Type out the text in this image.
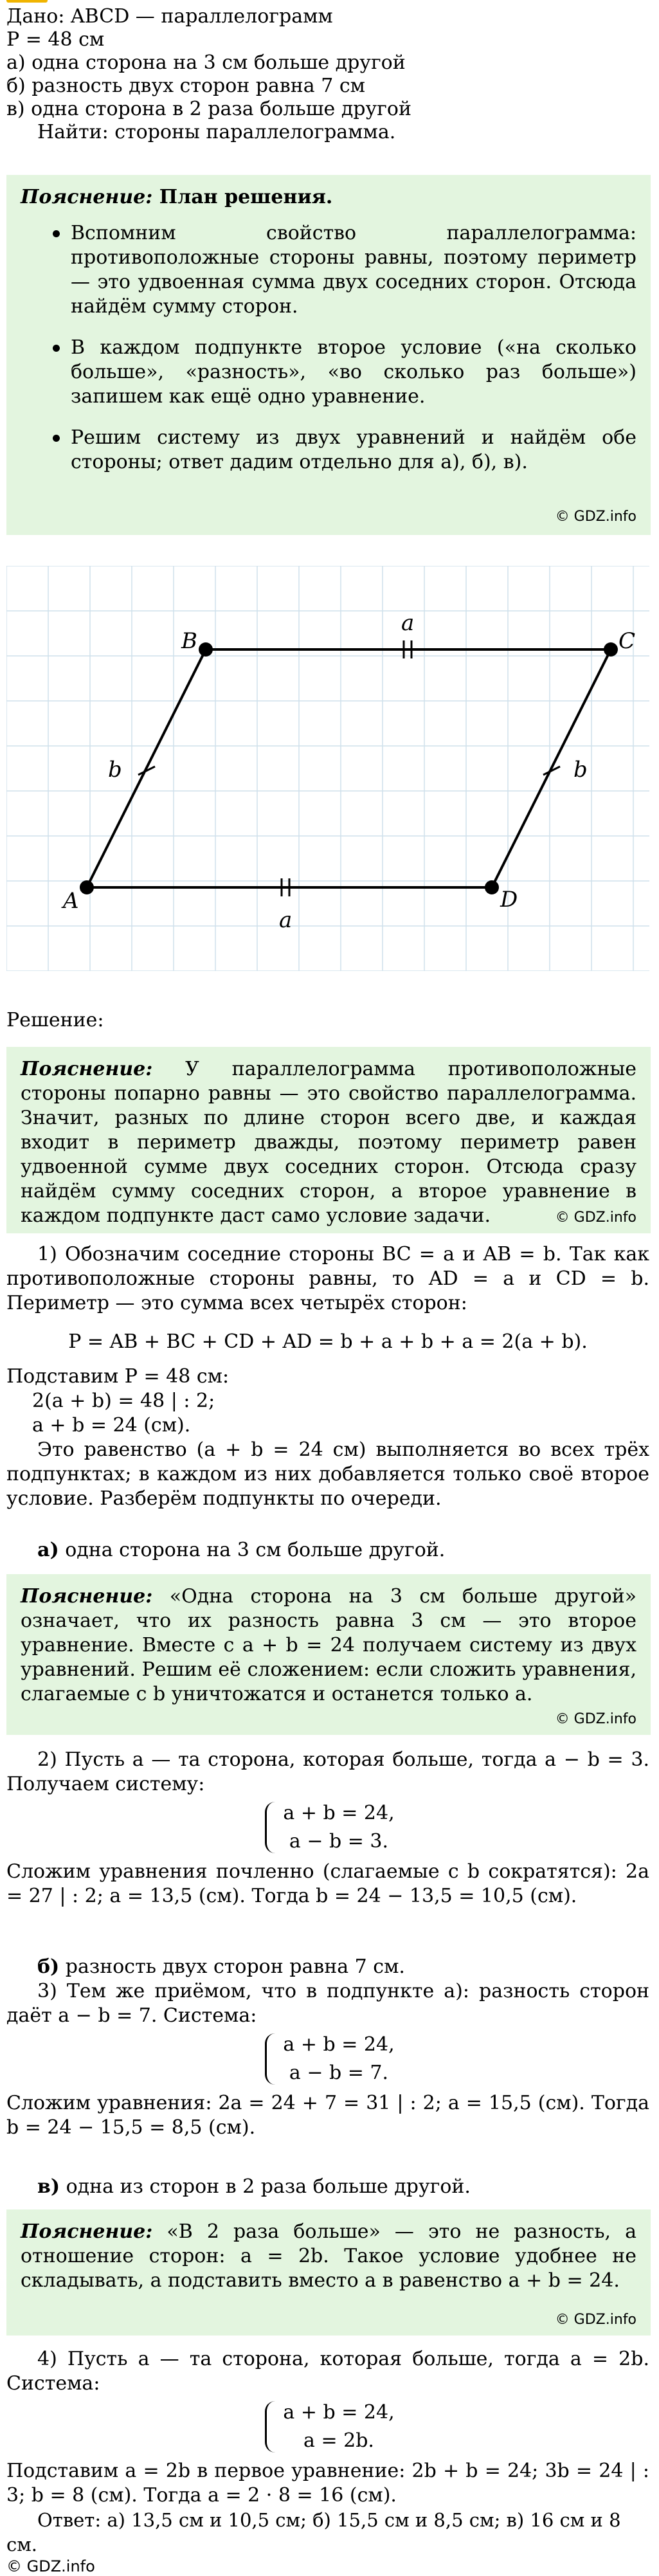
Дано: ABCD — параллелограмм
P = 48 см
а) одна сторона на 3 см больше другой
б) разность двух сторон равна 7 см
в) одна сторона в 2 раза больше другой
Найти: стороны параллелограмма.
Пояснение: План решения.
Вспомним свойство параллелограмма: противоположные стороны равны, поэтому периметр — это удвоенная сумма двух соседних сторон. Отсюда найдём сумму сторон.
В каждом подпункте второе условие («на сколько больше», «разность», «во сколько раз больше») запишем как ещё одно уравнение.
Решим систему из двух уравнений и найдём обе стороны; ответ дадим отдельно для а), б), в).
© GDZ.info
A
B	C
D
a
a
b	b
Решение:
Пояснение: У параллелограмма противоположные стороны попарно равны — это свойство параллелограмма. Значит, разных по длине сторон всего две, и каждая входит в периметр дважды, поэтому периметр равен удвоенной сумме двух соседних сторон. Отсюда сразу найдём сумму соседних сторон, а второе уравнение в каждом подпункте даст само условие задачи.	© GDZ.info
1) Обозначим соседние стороны BC = a и AB = b. Так как противоположные стороны равны, то AD = a и CD = b. Периметр — это сумма всех четырёх сторон:
P = AB + BC + CD + AD = b + a + b + a = 2(a + b).
Подставим P = 48 см:
2(a + b) = 48 | : 2;
a + b = 24 (см).
Это равенство (a + b = 24 см) выполняется во всех трёх подпунктах; в каждом из них добавляется только своё второе условие. Разберём подпункты по очереди.
а) одна сторона на 3 см больше другой.
Пояснение: «Одна сторона на 3 см больше другой» означает, что их разность равна 3 см — это второе уравнение. Вместе с a + b = 24 получаем систему из двух уравнений. Решим её сложением: если сложить уравнения, слагаемые с b уничтожатся и останется только a.
© GDZ.info
2) Пусть a — та сторона, которая больше, тогда a − b = 3. Получаем систему:
a + b = 24,
a − b = 3.
Сложим уравнения почленно (слагаемые с b сократятся): 2a = 27 | : 2; a = 13,5 (см). Тогда b = 24 − 13,5 = 10,5 (см).
б) разность двух сторон равна 7 см.
3) Тем же приёмом, что в подпункте а): разность сторон даёт a − b = 7. Система:
a + b = 24,
a − b = 7.
Сложим уравнения: 2a = 24 + 7 = 31 | : 2; a = 15,5 (см). Тогда b = 24 − 15,5 = 8,5 (см).
в) одна из сторон в 2 раза больше другой.
Пояснение: «В 2 раза больше» — это не разность, а отношение сторон: a = 2b. Такое условие удобнее не складывать, а подставить вместо a в равенство a + b = 24.
© GDZ.info
4) Пусть a — та сторона, которая больше, тогда a = 2b. Система:
a + b = 24,
a = 2b.
Подставим a = 2b в первое уравнение: 2b + b = 24; 3b = 24 | : 3; b = 8 (см). Тогда a = 2 · 8 = 16 (см).
Ответ: а) 13,5 см и 10,5 см; б) 15,5 см и 8,5 см; в) 16 см и 8 см.
© GDZ.info
